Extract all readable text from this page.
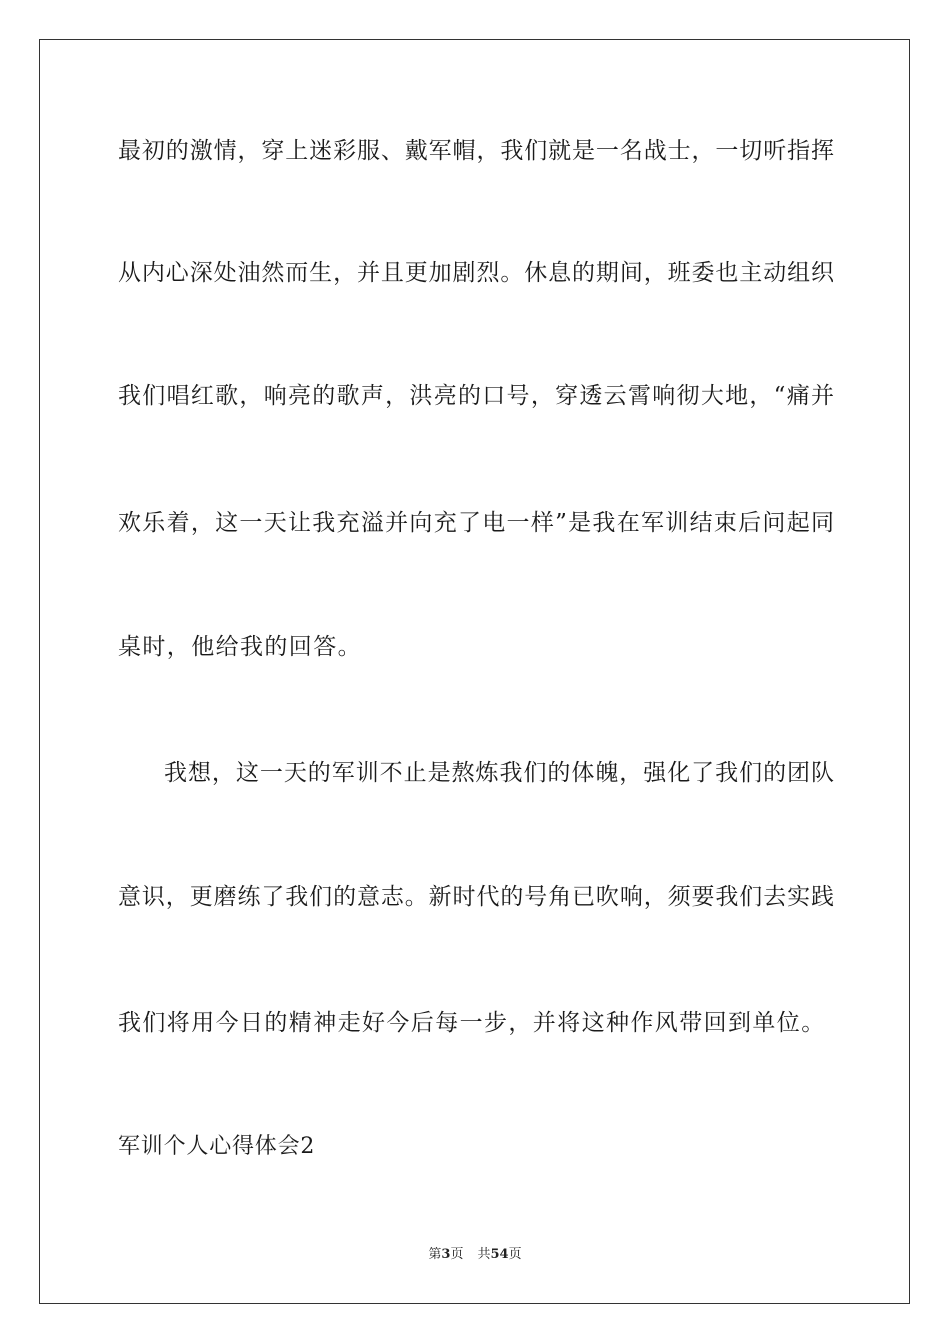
最初的激情，穿上迷彩服、戴军帽，我们就是一名战士，一切听指挥
从内心深处油然而生，并且更加剧烈。休息的期间，班委也主动组织
我们唱红歌，响亮的歌声，洪亮的口号，穿透云霄响彻大地，“痛并
欢乐着，这一天让我充溢并向充了电一样”是我在军训结束后问起同
桌时，他给我的回答。
我想，这一天的军训不止是熬炼我们的体魄，强化了我们的团队
意识，更磨练了我们的意志。新时代的号角已吹响，须要我们去实践
我们将用今日的精神走好今后每一步，并将这种作风带回到单位。
军训个人心得体会2
第3页 共54页
